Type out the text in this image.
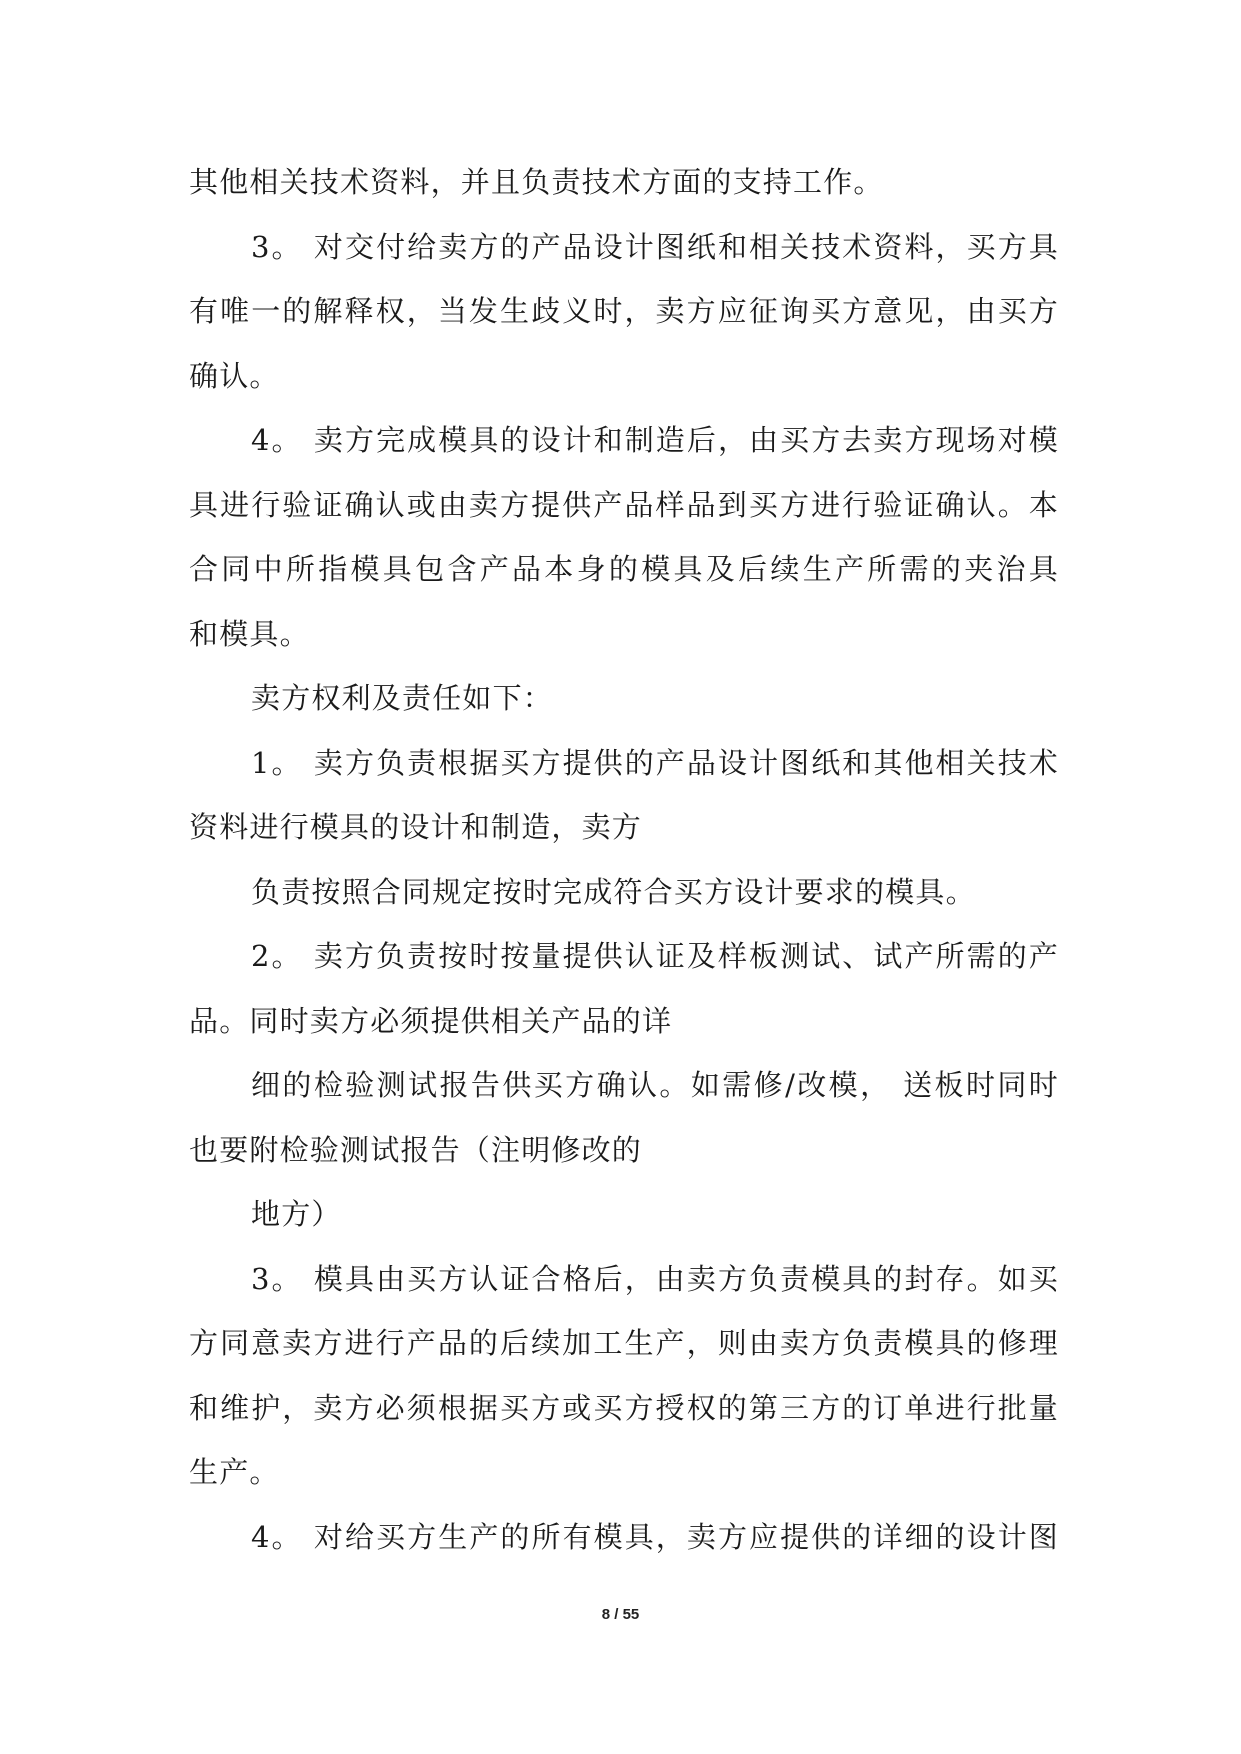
其他相关技术资料，并且负责技术方面的支持工作。
3。 对交付给卖方的产品设计图纸和相关技术资料，买方具
有唯一的解释权，当发生歧义时，卖方应征询买方意见，由买方
确认。
4。 卖方完成模具的设计和制造后，由买方去卖方现场对模
具进行验证确认或由卖方提供产品样品到买方进行验证确认。本
合同中所指模具包含产品本身的模具及后续生产所需的夹治具
和模具。
卖方权利及责任如下：
1。 卖方负责根据买方提供的产品设计图纸和其他相关技术
资料进行模具的设计和制造，卖方
负责按照合同规定按时完成符合买方设计要求的模具。
2。 卖方负责按时按量提供认证及样板测试、试产所需的产
品。同时卖方必须提供相关产品的详
细的检验测试报告供买方确认。如需修/改模， 送板时同时
也要附检验测试报告（注明修改的
地方）
3。 模具由买方认证合格后，由卖方负责模具的封存。如买
方同意卖方进行产品的后续加工生产，则由卖方负责模具的修理
和维护，卖方必须根据买方或买方授权的第三方的订单进行批量
生产。
4。 对给买方生产的所有模具，卖方应提供的详细的设计图
8 / 55
